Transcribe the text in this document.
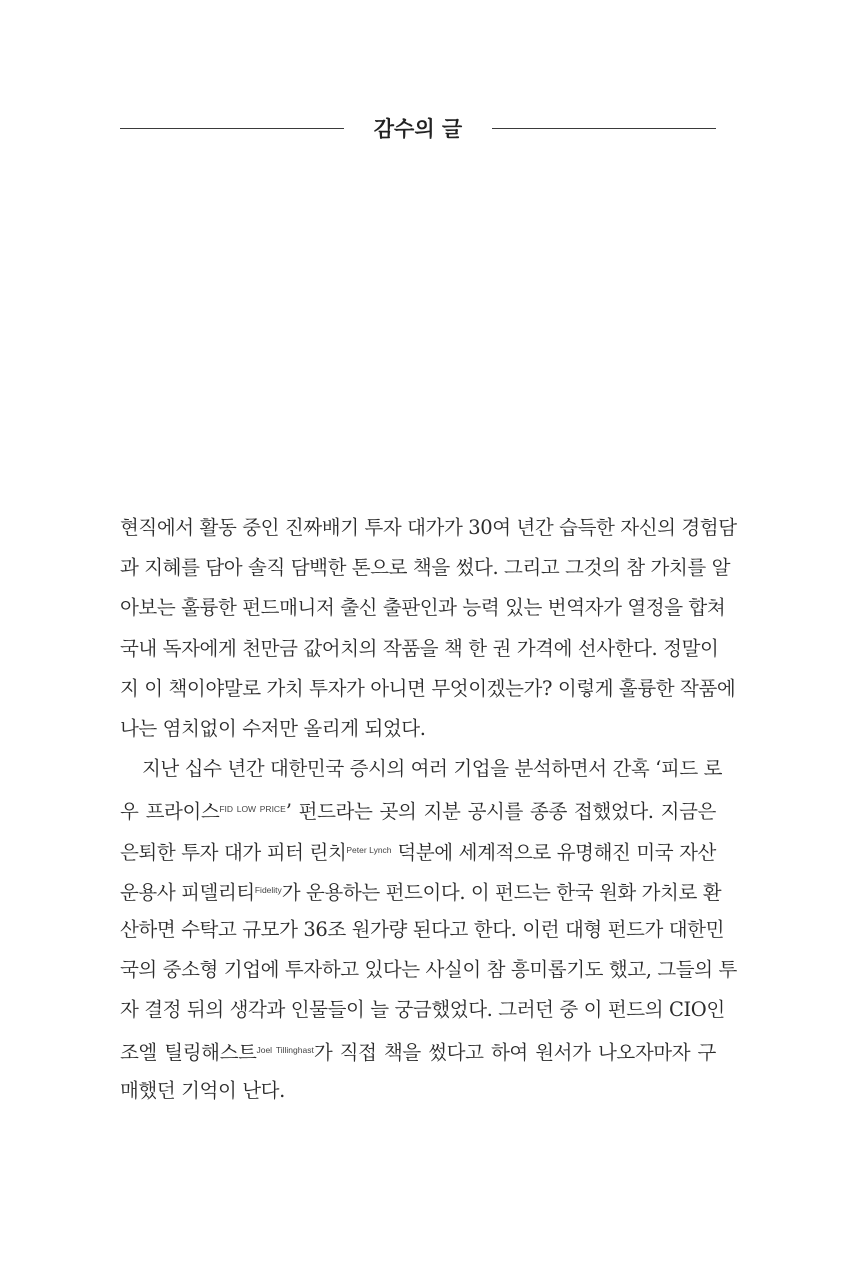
감수의 글
현직에서 활동 중인 진짜배기 투자 대가가 30여 년간 습득한 자신의 경험담
과 지혜를 담아 솔직 담백한 톤으로 책을 썼다. 그리고 그것의 참 가치를 알
아보는 훌륭한 펀드매니저 출신 출판인과 능력 있는 번역자가 열정을 합쳐
국내 독자에게 천만금 값어치의 작품을 책 한 권 가격에 선사한다. 정말이
지 이 책이야말로 가치 투자가 아니면 무엇이겠는가? 이렇게 훌륭한 작품에
나는 염치없이 수저만 올리게 되었다.
지난 십수 년간 대한민국 증시의 여러 기업을 분석하면서 간혹 ‘피드 로
우 프라이스$^{FID LOW PRICE}$’ 펀드라는 곳의 지분 공시를 종종 접했었다. 지금은
은퇴한 투자 대가 피터 린치$^{Peter Lynch}$ 덕분에 세계적으로 유명해진 미국 자산
운용사 피델리티$^{Fidelity}$가 운용하는 펀드이다. 이 펀드는 한국 원화 가치로 환
산하면 수탁고 규모가 36조 원가량 된다고 한다. 이런 대형 펀드가 대한민
국의 중소형 기업에 투자하고 있다는 사실이 참 흥미롭기도 했고, 그들의 투
자 결정 뒤의 생각과 인물들이 늘 궁금했었다. 그러던 중 이 펀드의 CIO인
조엘 틸링해스트$^{Joel Tillinghast}$가 직접 책을 썼다고 하여 원서가 나오자마자 구
매했던 기억이 난다.
